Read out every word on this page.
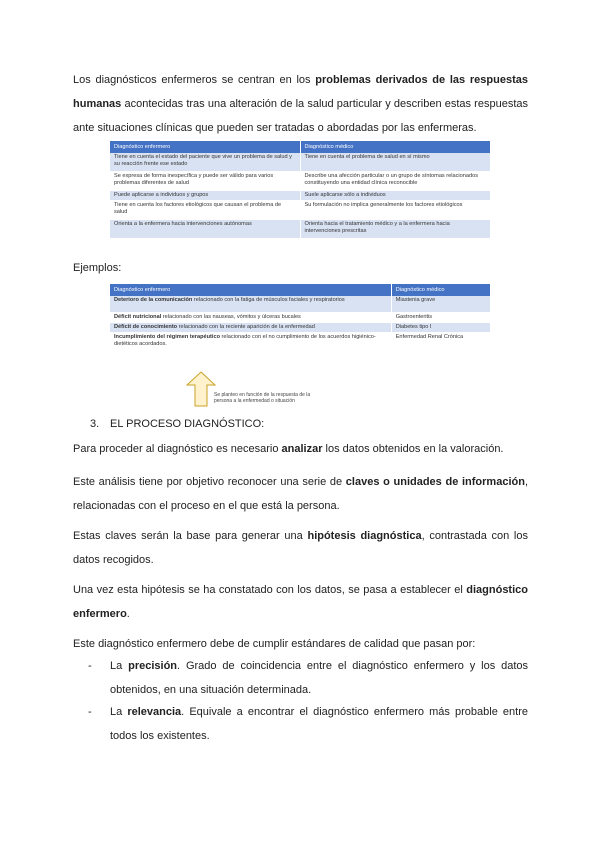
Los diagnósticos enfermeros se centran en los problemas derivados de las respuestas humanas acontecidas tras una alteración de la salud particular y describen estas respuestas ante situaciones clínicas que pueden ser tratadas o abordadas por las enfermeras.
Diagnóstico enfermero	Diagnóstico médico
Tiene en cuenta el estado del paciente que vive un problema de salud y su reacción frente ese estado	Tiene en cuenta el problema de salud en sí mismo
Se expresa de forma inespecífica y puede ser válido para varios problemas diferentes de salud	Describe una afección particular o un grupo de síntomas relacionados constituyendo una entidad clínica reconocible
Puede aplicarse a individuos y grupos	Suele aplicarse sólo a individuos
Tiene en cuenta los factores etiológicos que causan el problema de salud	Su formulación no implica generalmente los factores etiológicos
Orienta a la enfermera hacia intervenciones autónomas	Orienta hacia el tratamiento médico y a la enfermera hacia intervenciones prescritas
Ejemplos:
Diagnóstico enfermero	Diagnóstico médico
Deterioro de la comunicación relacionado con la fatiga de músculos faciales y respiratorios	Miastenia grave
Déficit nutricional relacionado con las nauseas, vómitos y úlceras bucales	Gastroenteritis
Déficit de conocimiento relacionado con la reciente aparición de la enfermedad	Diabetes tipo I
Incumplimiento del régimen terapéutico relacionado con el no cumplimiento de los acuerdos higiénico-dietéticos acordados.	Enfermedad Renal Crónica
Se planteo en función de la respuesta de la persona a la enfermedad o situación
3. EL PROCESO DIAGNÓSTICO:
Para proceder al diagnóstico es necesario analizar los datos obtenidos en la valoración.
Este análisis tiene por objetivo reconocer una serie de claves o unidades de información, relacionadas con el proceso en el que está la persona.
Estas claves serán la base para generar una hipótesis diagnóstica, contrastada con los datos recogidos.
Una vez esta hipótesis se ha constatado con los datos, se pasa a establecer el diagnóstico enfermero.
Este diagnóstico enfermero debe de cumplir estándares de calidad que pasan por:
- La precisión. Grado de coincidencia entre el diagnóstico enfermero y los datos obtenidos, en una situación determinada.
- La relevancia. Equivale a encontrar el diagnóstico enfermero más probable entre todos los existentes.
